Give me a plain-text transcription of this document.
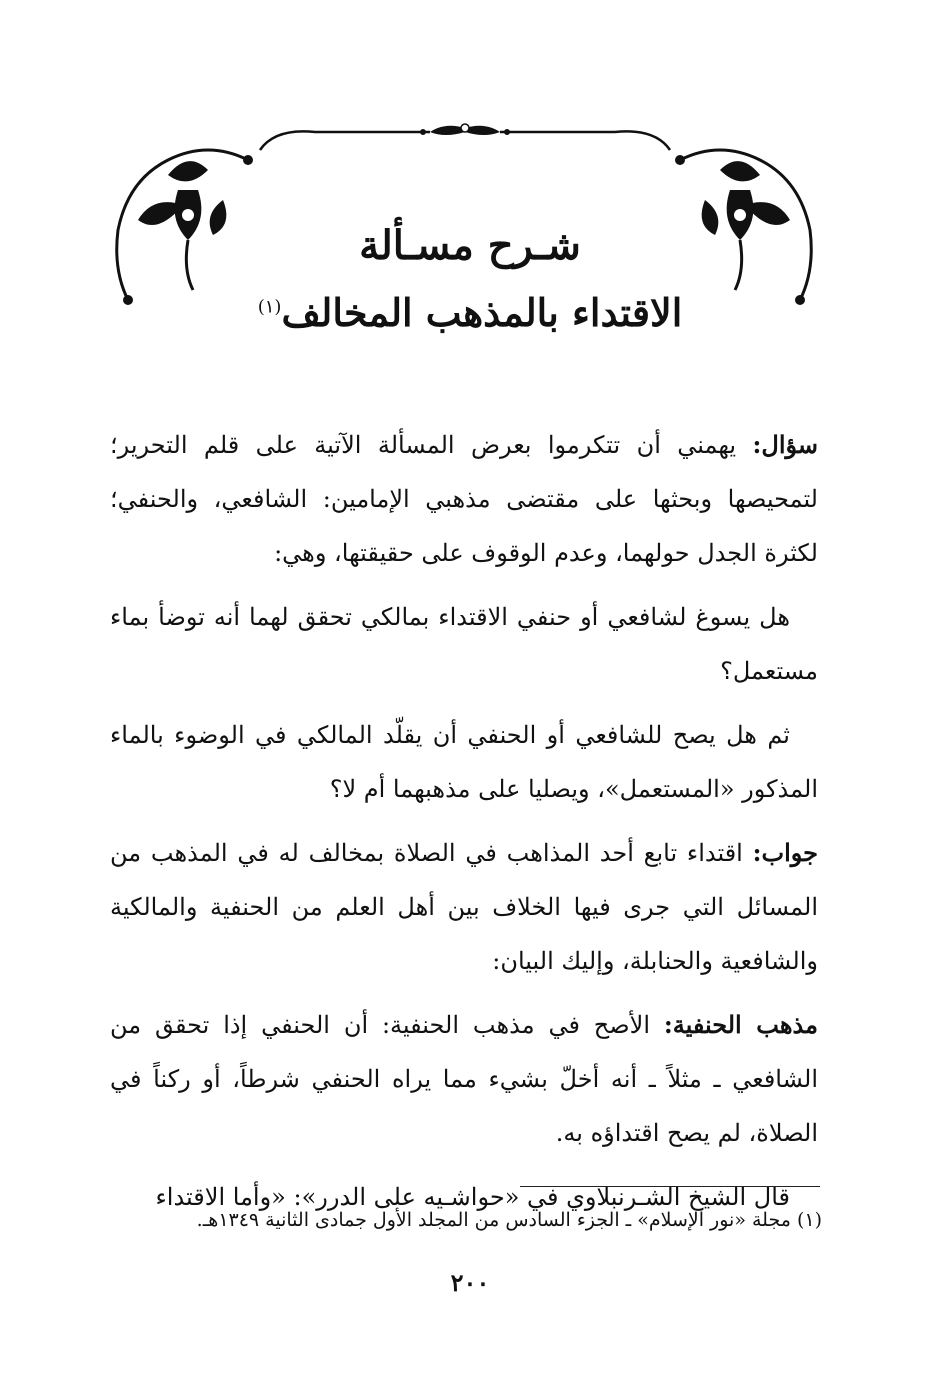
شـرح مسـألة
الاقتداء بالمذهب المخالف$^{(١)}$

سؤال: يهمني أن تتكرموا بعرض المسألة الآتية على قلم التحرير؛ لتمحيصها وبحثها على مقتضى مذهبي الإمامين: الشافعي، والحنفي؛ لكثرة الجدل حولهما، وعدم الوقوف على حقيقتها، وهي:

هل يسوغ لشافعي أو حنفي الاقتداء بمالكي تحقق لهما أنه توضأ بماء مستعمل؟

ثم هل يصح للشافعي أو الحنفي أن يقلّد المالكي في الوضوء بالماء المذكور «المستعمل»، ويصليا على مذهبهما أم لا؟

جواب: اقتداء تابع أحد المذاهب في الصلاة بمخالف له في المذهب من المسائل التي جرى فيها الخلاف بين أهل العلم من الحنفية والمالكية والشافعية والحنابلة، وإليك البيان:

مذهب الحنفية: الأصح في مذهب الحنفية: أن الحنفي إذا تحقق من الشافعي ـ مثلاً ـ أنه أخلّ بشيء مما يراه الحنفي شرطاً، أو ركناً في الصلاة، لم يصح اقتداؤه به.

قال الشيخ الشـرنبلاوي في «حواشـيه على الدرر»: «وأما الاقتداء

(١) مجلة «نور الإسلام» ـ الجزء السادس من المجلد الأول جمادى الثانية ١٣٤٩هـ.
٢٠٠
